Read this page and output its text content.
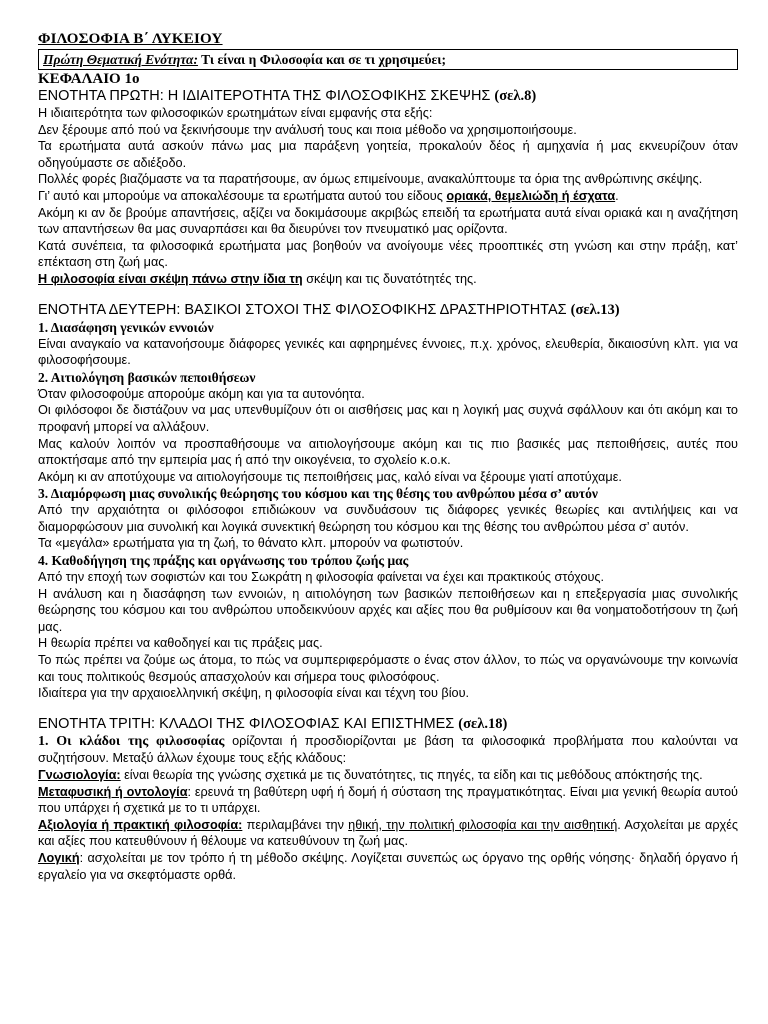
ΦΙΛΟΣΟΦΙΑ Β΄ ΛΥΚΕΙΟΥ
Πρώτη Θεματική Ενότητα: Τι είναι η Φιλοσοφία και σε τι χρησιμεύει;
ΚΕΦΑΛΑΙΟ 1ο
ΕΝΟΤΗΤΑ ΠΡΩΤΗ: Η ΙΔΙΑΙΤΕΡΟΤΗΤΑ ΤΗΣ ΦΙΛΟΣΟΦΙΚΗΣ ΣΚΕΨΗΣ (σελ.8)

Η ιδιαιτερότητα των φιλοσοφικών ερωτημάτων είναι εμφανής στα εξής:

Δεν ξέρουμε από πού να ξεκινήσουμε την ανάλυσή τους και ποια μέθοδο να χρησιμοποιήσουμε.

Τα ερωτήματα αυτά ασκούν πάνω μας μια παράξενη γοητεία, προκαλούν δέος ή αμηχανία ή μας εκνευρίζουν όταν οδηγούμαστε σε αδιέξοδο.

Πολλές φορές βιαζόμαστε να τα παρατήσουμε, αν όμως επιμείνουμε, ανακαλύπτουμε τα όρια της ανθρώπινης σκέψης.

Γι’ αυτό και μπορούμε να αποκαλέσουμε τα ερωτήματα αυτού του είδους οριακά, θεμελιώδη ή έσχατα.

Ακόμη κι αν δε βρούμε απαντήσεις, αξίζει να δοκιμάσουμε ακριβώς επειδή τα ερωτήματα αυτά είναι οριακά και η αναζήτηση των απαντήσεων θα μας συναρπάσει και θα διευρύνει τον πνευματικό μας ορίζοντα.

Κατά συνέπεια, τα φιλοσοφικά ερωτήματα μας βοηθούν να ανοίγουμε νέες προοπτικές στη γνώση και στην πράξη, κατ’ επέκταση στη ζωή μας.

Η φιλοσοφία είναι σκέψη πάνω στην ίδια τη σκέψη και τις δυνατότητές της.

ΕΝΟΤΗΤΑ ΔΕΥΤΕΡΗ: ΒΑΣΙΚΟΙ ΣΤΟΧΟΙ ΤΗΣ ΦΙΛΟΣΟΦΙΚΗΣ ΔΡΑΣΤΗΡΙΟΤΗΤΑΣ (σελ.13)
1. Διασάφηση γενικών εννοιών

Είναι αναγκαίο να κατανοήσουμε διάφορες γενικές και αφηρημένες έννοιες, π.χ. χρόνος, ελευθερία, δικαιοσύνη κλπ. για να φιλοσοφήσουμε.

2. Αιτιολόγηση βασικών πεποιθήσεων

Όταν φιλοσοφούμε απορούμε ακόμη και για τα αυτονόητα.

Οι φιλόσοφοι δε διστάζουν να μας υπενθυμίζουν ότι οι αισθήσεις μας και η λογική μας συχνά σφάλλουν και ότι ακόμη και το προφανή μπορεί να αλλάξουν.

Μας καλούν λοιπόν να προσπαθήσουμε να αιτιολογήσουμε ακόμη και τις πιο βασικές μας πεποιθήσεις, αυτές που αποκτήσαμε από την εμπειρία μας ή από την οικογένεια, το σχολείο κ.ο.κ.

Ακόμη κι αν αποτύχουμε να αιτιολογήσουμε τις πεποιθήσεις μας, καλό είναι να ξέρουμε γιατί αποτύχαμε.

3. Διαμόρφωση μιας συνολικής θεώρησης του κόσμου και της θέσης του ανθρώπου μέσα σ’ αυτόν

Από την αρχαιότητα οι φιλόσοφοι επιδιώκουν να συνδυάσουν τις διάφορες γενικές θεωρίες και αντιλήψεις και να διαμορφώσουν μια συνολική και λογικά συνεκτική θεώρηση του κόσμου και της θέσης του ανθρώπου μέσα σ’ αυτόν.

Τα «μεγάλα» ερωτήματα για τη ζωή, το θάνατο κλπ. μπορούν να φωτιστούν.

4. Καθοδήγηση της πράξης και οργάνωσης του τρόπου ζωής μας

Από την εποχή των σοφιστών και του Σωκράτη η φιλοσοφία φαίνεται να έχει και πρακτικούς στόχους.

Η ανάλυση και η διασάφηση των εννοιών, η αιτιολόγηση των βασικών πεποιθήσεων και η επεξεργασία μιας συνολικής θεώρησης του κόσμου και του ανθρώπου υποδεικνύουν αρχές και αξίες που θα ρυθμίσουν και θα νοηματοδοτήσουν τη ζωή μας.

Η θεωρία πρέπει να καθοδηγεί και τις πράξεις μας.

Το πώς πρέπει να ζούμε ως άτομα, το πώς να συμπεριφερόμαστε ο ένας στον άλλον, το πώς να οργανώνουμε την κοινωνία και τους πολιτικούς θεσμούς απασχολούν και σήμερα τους φιλοσόφους.

Ιδιαίτερα για την αρχαιοελληνική σκέψη, η φιλοσοφία είναι και τέχνη του βίου.

ΕΝΟΤΗΤΑ ΤΡΙΤΗ: ΚΛΑΔΟΙ ΤΗΣ ΦΙΛΟΣΟΦΙΑΣ ΚΑΙ ΕΠΙΣΤΗΜΕΣ (σελ.18)

1. Οι κλάδοι της φιλοσοφίας ορίζονται ή προσδιορίζονται με βάση τα φιλοσοφικά προβλήματα που καλούνται να συζητήσουν. Μεταξύ άλλων έχουμε τους εξής κλάδους:

Γνωσιολογία: είναι θεωρία της γνώσης σχετικά με τις δυνατότητες, τις πηγές, τα είδη και τις μεθόδους απόκτησής της.

Μεταφυσική ή οντολογία: ερευνά τη βαθύτερη υφή ή δομή ή σύσταση της πραγματικότητας. Είναι μια γενική θεωρία αυτού που υπάρχει ή σχετικά με το τι υπάρχει.

Αξιολογία ή πρακτική φιλοσοφία: περιλαμβάνει την ηθική, την πολιτική φιλοσοφία και την αισθητική. Ασχολείται με αρχές και αξίες που κατευθύνουν ή θέλουμε να κατευθύνουν τη ζωή μας.

Λογική: ασχολείται με τον τρόπο ή τη μέθοδο σκέψης. Λογίζεται συνεπώς ως όργανο της ορθής νόησης· δηλαδή όργανο ή εργαλείο για να σκεφτόμαστε ορθά.
